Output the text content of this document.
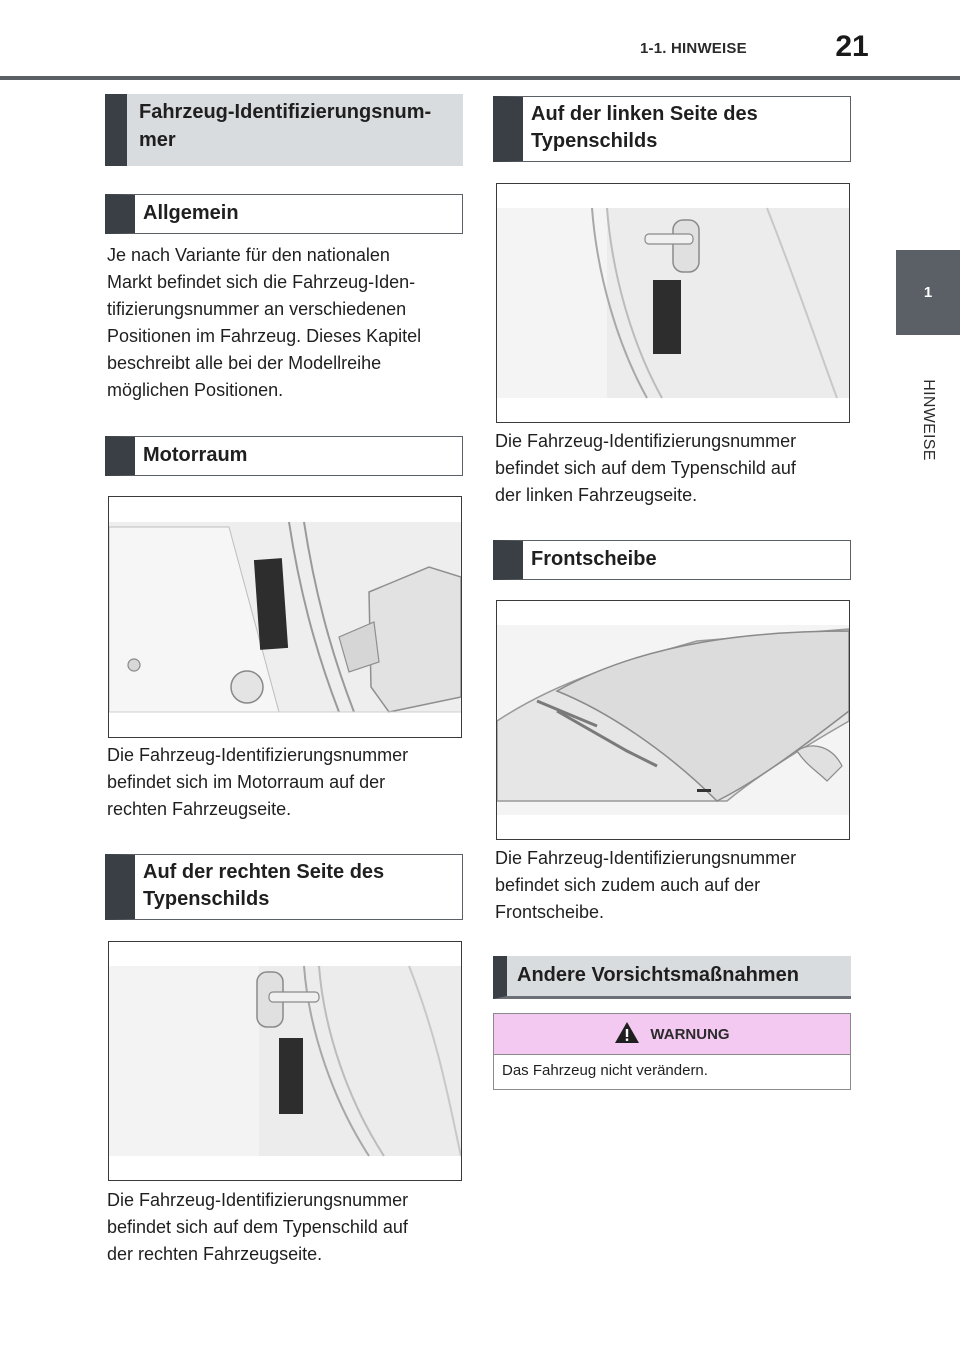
1-1. HINWEISE	21
1
HINWEISE
Fahrzeug-Identifizierungsnum-
mer
Allgemein
Je nach Variante für den nationalen
Markt befindet sich die Fahrzeug-Iden-
tifizierungsnummer an verschiedenen
Positionen im Fahrzeug. Dieses Kapitel
beschreibt alle bei der Modellreihe
möglichen Positionen.
Motorraum
Die Fahrzeug-Identifizierungsnummer
befindet sich im Motorraum auf der
rechten Fahrzeugseite.
Auf der rechten Seite des
Typenschilds
Die Fahrzeug-Identifizierungsnummer
befindet sich auf dem Typenschild auf
der rechten Fahrzeugseite.
Auf der linken Seite des
Typenschilds
Die Fahrzeug-Identifizierungsnummer
befindet sich auf dem Typenschild auf
der linken Fahrzeugseite.
Frontscheibe
Die Fahrzeug-Identifizierungsnummer
befindet sich zudem auch auf der
Frontscheibe.
Andere Vorsichtsmaßnahmen
WARNUNG
Das Fahrzeug nicht verändern.
